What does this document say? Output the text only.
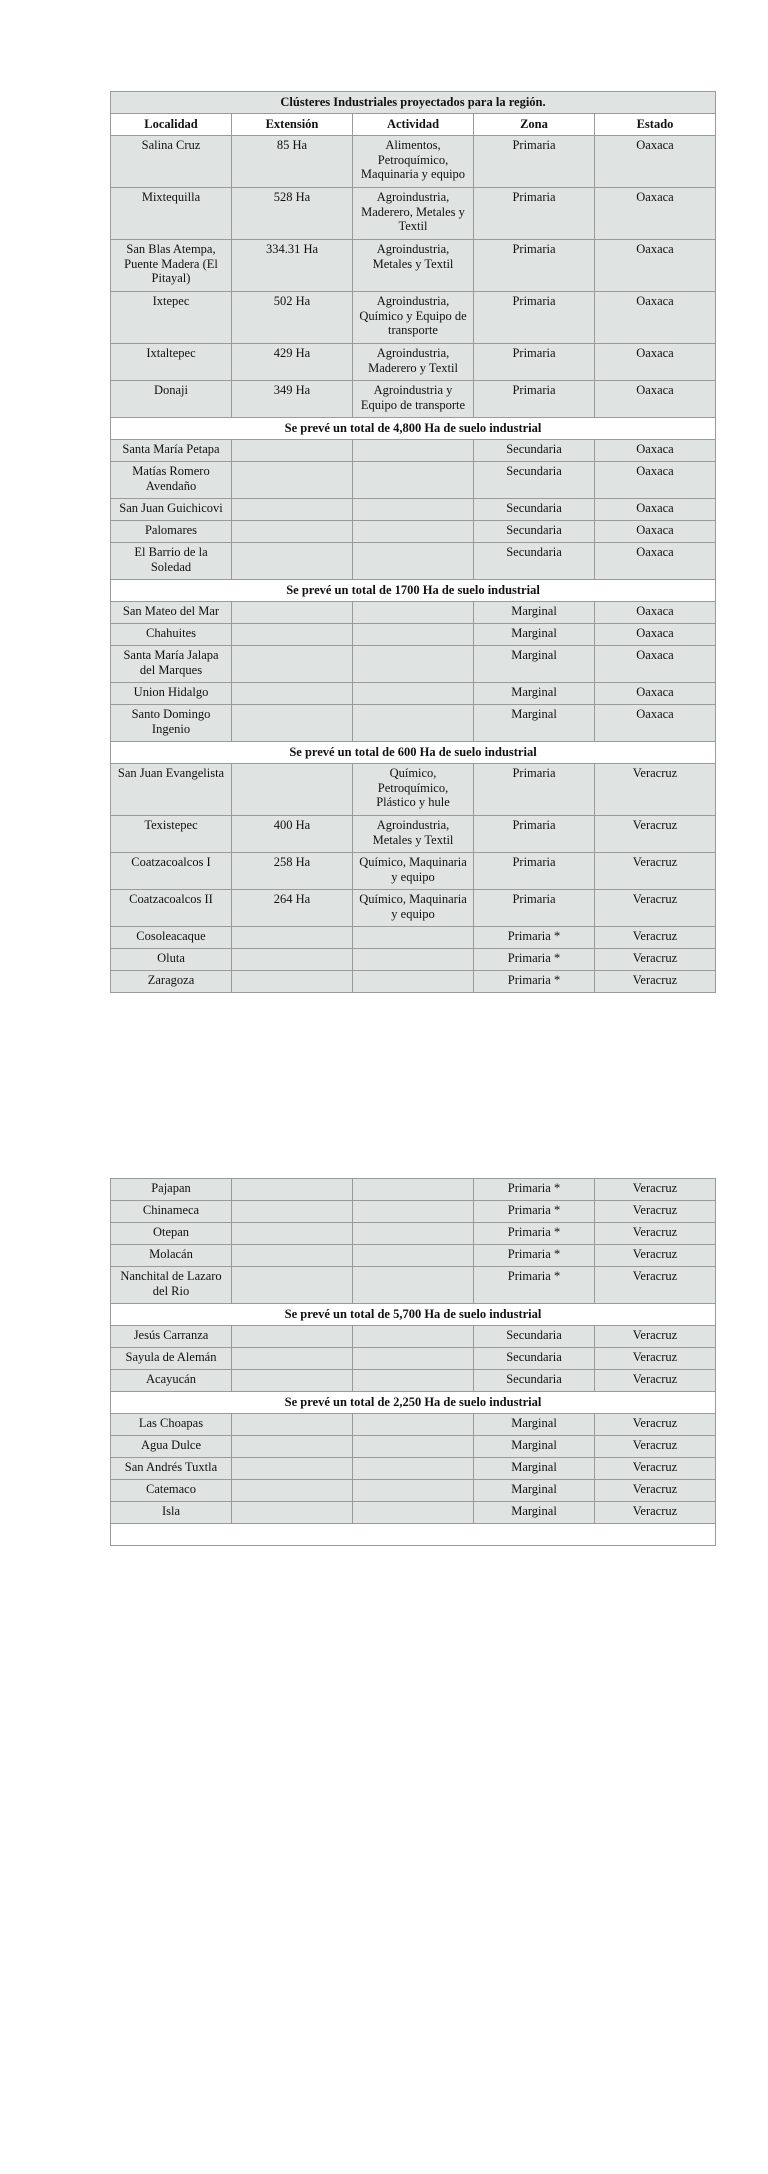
Clústeres Industriales proyectados para la región.				
Localidad	Extensión	Actividad	Zona	Estado
Salina Cruz	85 Ha	Alimentos, Petroquímico, Maquinaria y equipo	Primaria	Oaxaca
Mixtequilla	528 Ha	Agroindustria, Maderero, Metales y Textil	Primaria	Oaxaca
San Blas Atempa, Puente Madera (El Pitayal)	334.31 Ha	Agroindustria, Metales y Textil	Primaria	Oaxaca
Ixtepec	502 Ha	Agroindustria, Químico y Equipo de transporte	Primaria	Oaxaca
Ixtaltepec	429 Ha	Agroindustria, Maderero y Textil	Primaria	Oaxaca
Donaji	349 Ha	Agroindustria y Equipo de transporte	Primaria	Oaxaca
Se prevé un total de 4,800 Ha de suelo industrial				
Santa María Petapa			Secundaria	Oaxaca
Matías Romero Avendaño			Secundaria	Oaxaca
San Juan Guichicovi			Secundaria	Oaxaca
Palomares			Secundaria	Oaxaca
El Barrio de la Soledad			Secundaria	Oaxaca
Se prevé un total de 1700 Ha de suelo industrial				
San Mateo del Mar			Marginal	Oaxaca
Chahuites			Marginal	Oaxaca
Santa María Jalapa del Marques			Marginal	Oaxaca
Union Hidalgo			Marginal	Oaxaca
Santo Domingo Ingenio			Marginal	Oaxaca
Se prevé un total de 600 Ha de suelo industrial				
San Juan Evangelista		Químico, Petroquímico, Plástico y hule	Primaria	Veracruz
Texistepec	400 Ha	Agroindustria, Metales y Textil	Primaria	Veracruz
Coatzacoalcos I	258 Ha	Químico, Maquinaria y equipo	Primaria	Veracruz
Coatzacoalcos II	264 Ha	Químico, Maquinaria y equipo	Primaria	Veracruz
Cosoleacaque			Primaria *	Veracruz
Oluta			Primaria *	Veracruz
Zaragoza			Primaria *	Veracruz
Pajapan			Primaria *	Veracruz
Chinameca			Primaria *	Veracruz
Otepan			Primaria *	Veracruz
Molacán			Primaria *	Veracruz
Nanchital de Lazaro del Rio			Primaria *	Veracruz
Se prevé un total de 5,700 Ha de suelo industrial				
Jesús Carranza			Secundaria	Veracruz
Sayula de Alemán			Secundaria	Veracruz
Acayucán			Secundaria	Veracruz
Se prevé un total de 2,250 Ha de suelo industrial				
Las Choapas			Marginal	Veracruz
Agua Dulce			Marginal	Veracruz
San Andrés Tuxtla			Marginal	Veracruz
Catemaco			Marginal	Veracruz
Isla			Marginal	Veracruz
